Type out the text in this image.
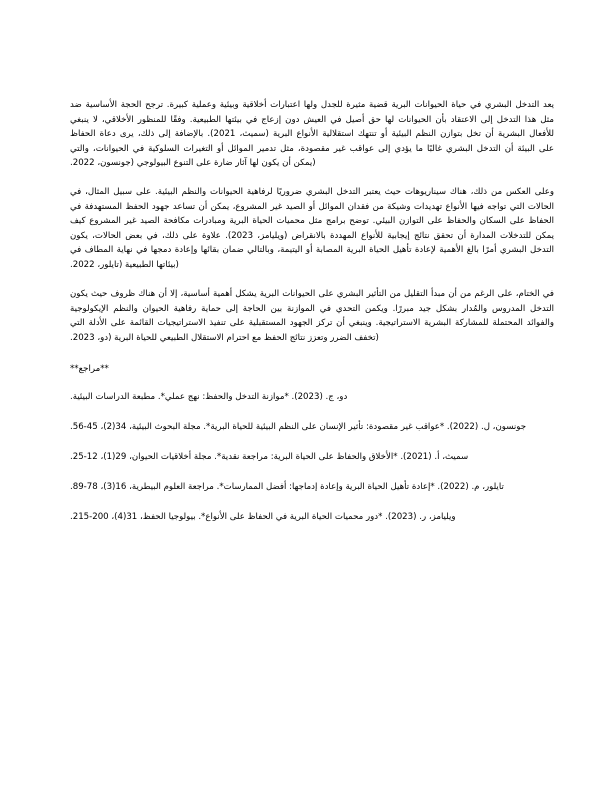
يعد التدخل البشري في حياة الحيوانات البرية قضية مثيرة للجدل ولها اعتبارات أخلاقية وبيئية وعملية كبيرة. ترجح الحجة الأساسية ضد
مثل هذا التدخل إلى الاعتقاد بأن الحيوانات لها حق أصيل في العيش دون إزعاج في بيئتها الطبيعية. وفقًا للمنظور الأخلاقي، لا ينبغي
للأفعال البشرية أن تخل بتوازن النظم البيئية أو تنتهك استقلالية الأنواع البرية (سميث، 2021). بالإضافة إلى ذلك، يرى دعاة الحفاظ
على البيئة أن التدخل البشري غالبًا ما يؤدي إلى عواقب غير مقصودة، مثل تدمير الموائل أو التغيرات السلوكية في الحيوانات، والتي
(يمكن أن يكون لها آثار ضارة على التنوع البيولوجي (جونسون، 2022.
وعلى العكس من ذلك، هناك سيناريوهات حيث يعتبر التدخل البشري ضروريًا لرفاهية الحيوانات والنظم البيئية. على سبيل المثال، في
الحالات التي تواجه فيها الأنواع تهديدات وشيكة من فقدان الموائل أو الصيد غير المشروع، يمكن أن تساعد جهود الحفظ المستهدفة في
الحفاظ على السكان والحفاظ على التوازن البيئي. توضح برامج مثل محميات الحياة البرية ومبادرات مكافحة الصيد غير المشروع كيف
يمكن للتدخلات المدارة أن تحقق نتائج إيجابية للأنواع المهددة بالانقراض (ويليامز، 2023). علاوة على ذلك، في بعض الحالات، يكون
التدخل البشري أمرًا بالغ الأهمية لإعادة تأهيل الحياة البرية المصابة أو اليتيمة، وبالتالي ضمان بقائها وإعادة دمجها في نهاية المطاف في
(بيئاتها الطبيعية (تايلور، 2022.
في الختام، على الرغم من أن مبدأ التقليل من التأثير البشري على الحيوانات البرية يشكل أهمية أساسية، إلا أن هناك ظروف حيث يكون
التدخل المدروس والمُدار بشكل جيد مبررًا. ويكمن التحدي في الموازنة بين الحاجة إلى حماية رفاهية الحيوان والنظم الإيكولوجية
والفوائد المحتملة للمشاركة البشرية الاستراتيجية. وينبغي أن تركز الجهود المستقبلية على تنفيذ الاستراتيجيات القائمة على الأدلة التي
(تخفف الضرر وتعزز نتائج الحفظ مع احترام الاستقلال الطبيعي للحياة البرية (دو، 2023.
**مراجع**
دو، ج. (2023). *موازنة التدخل والحفظ: نهج عملي*. مطبعة الدراسات البيئية.
جونسون، ل. (2022). *عواقب غير مقصودة: تأثير الإنسان على النظم البيئية للحياة البرية*. مجلة البحوث البيئية، 34(2)، 45-56.
سميث، أ. (2021). *الأخلاق والحفاظ على الحياة البرية: مراجعة نقدية*. مجلة أخلاقيات الحيوان، 29(1)، 12-25.
تايلور، م. (2022). *إعادة تأهيل الحياة البرية وإعادة إدماجها: أفضل الممارسات*. مراجعة العلوم البيطرية، 16(3)، 78-89.
ويليامز، ر. (2023). *دور محميات الحياة البرية في الحفاظ على الأنواع*. بيولوجيا الحفظ، 31(4)، 200-215.
